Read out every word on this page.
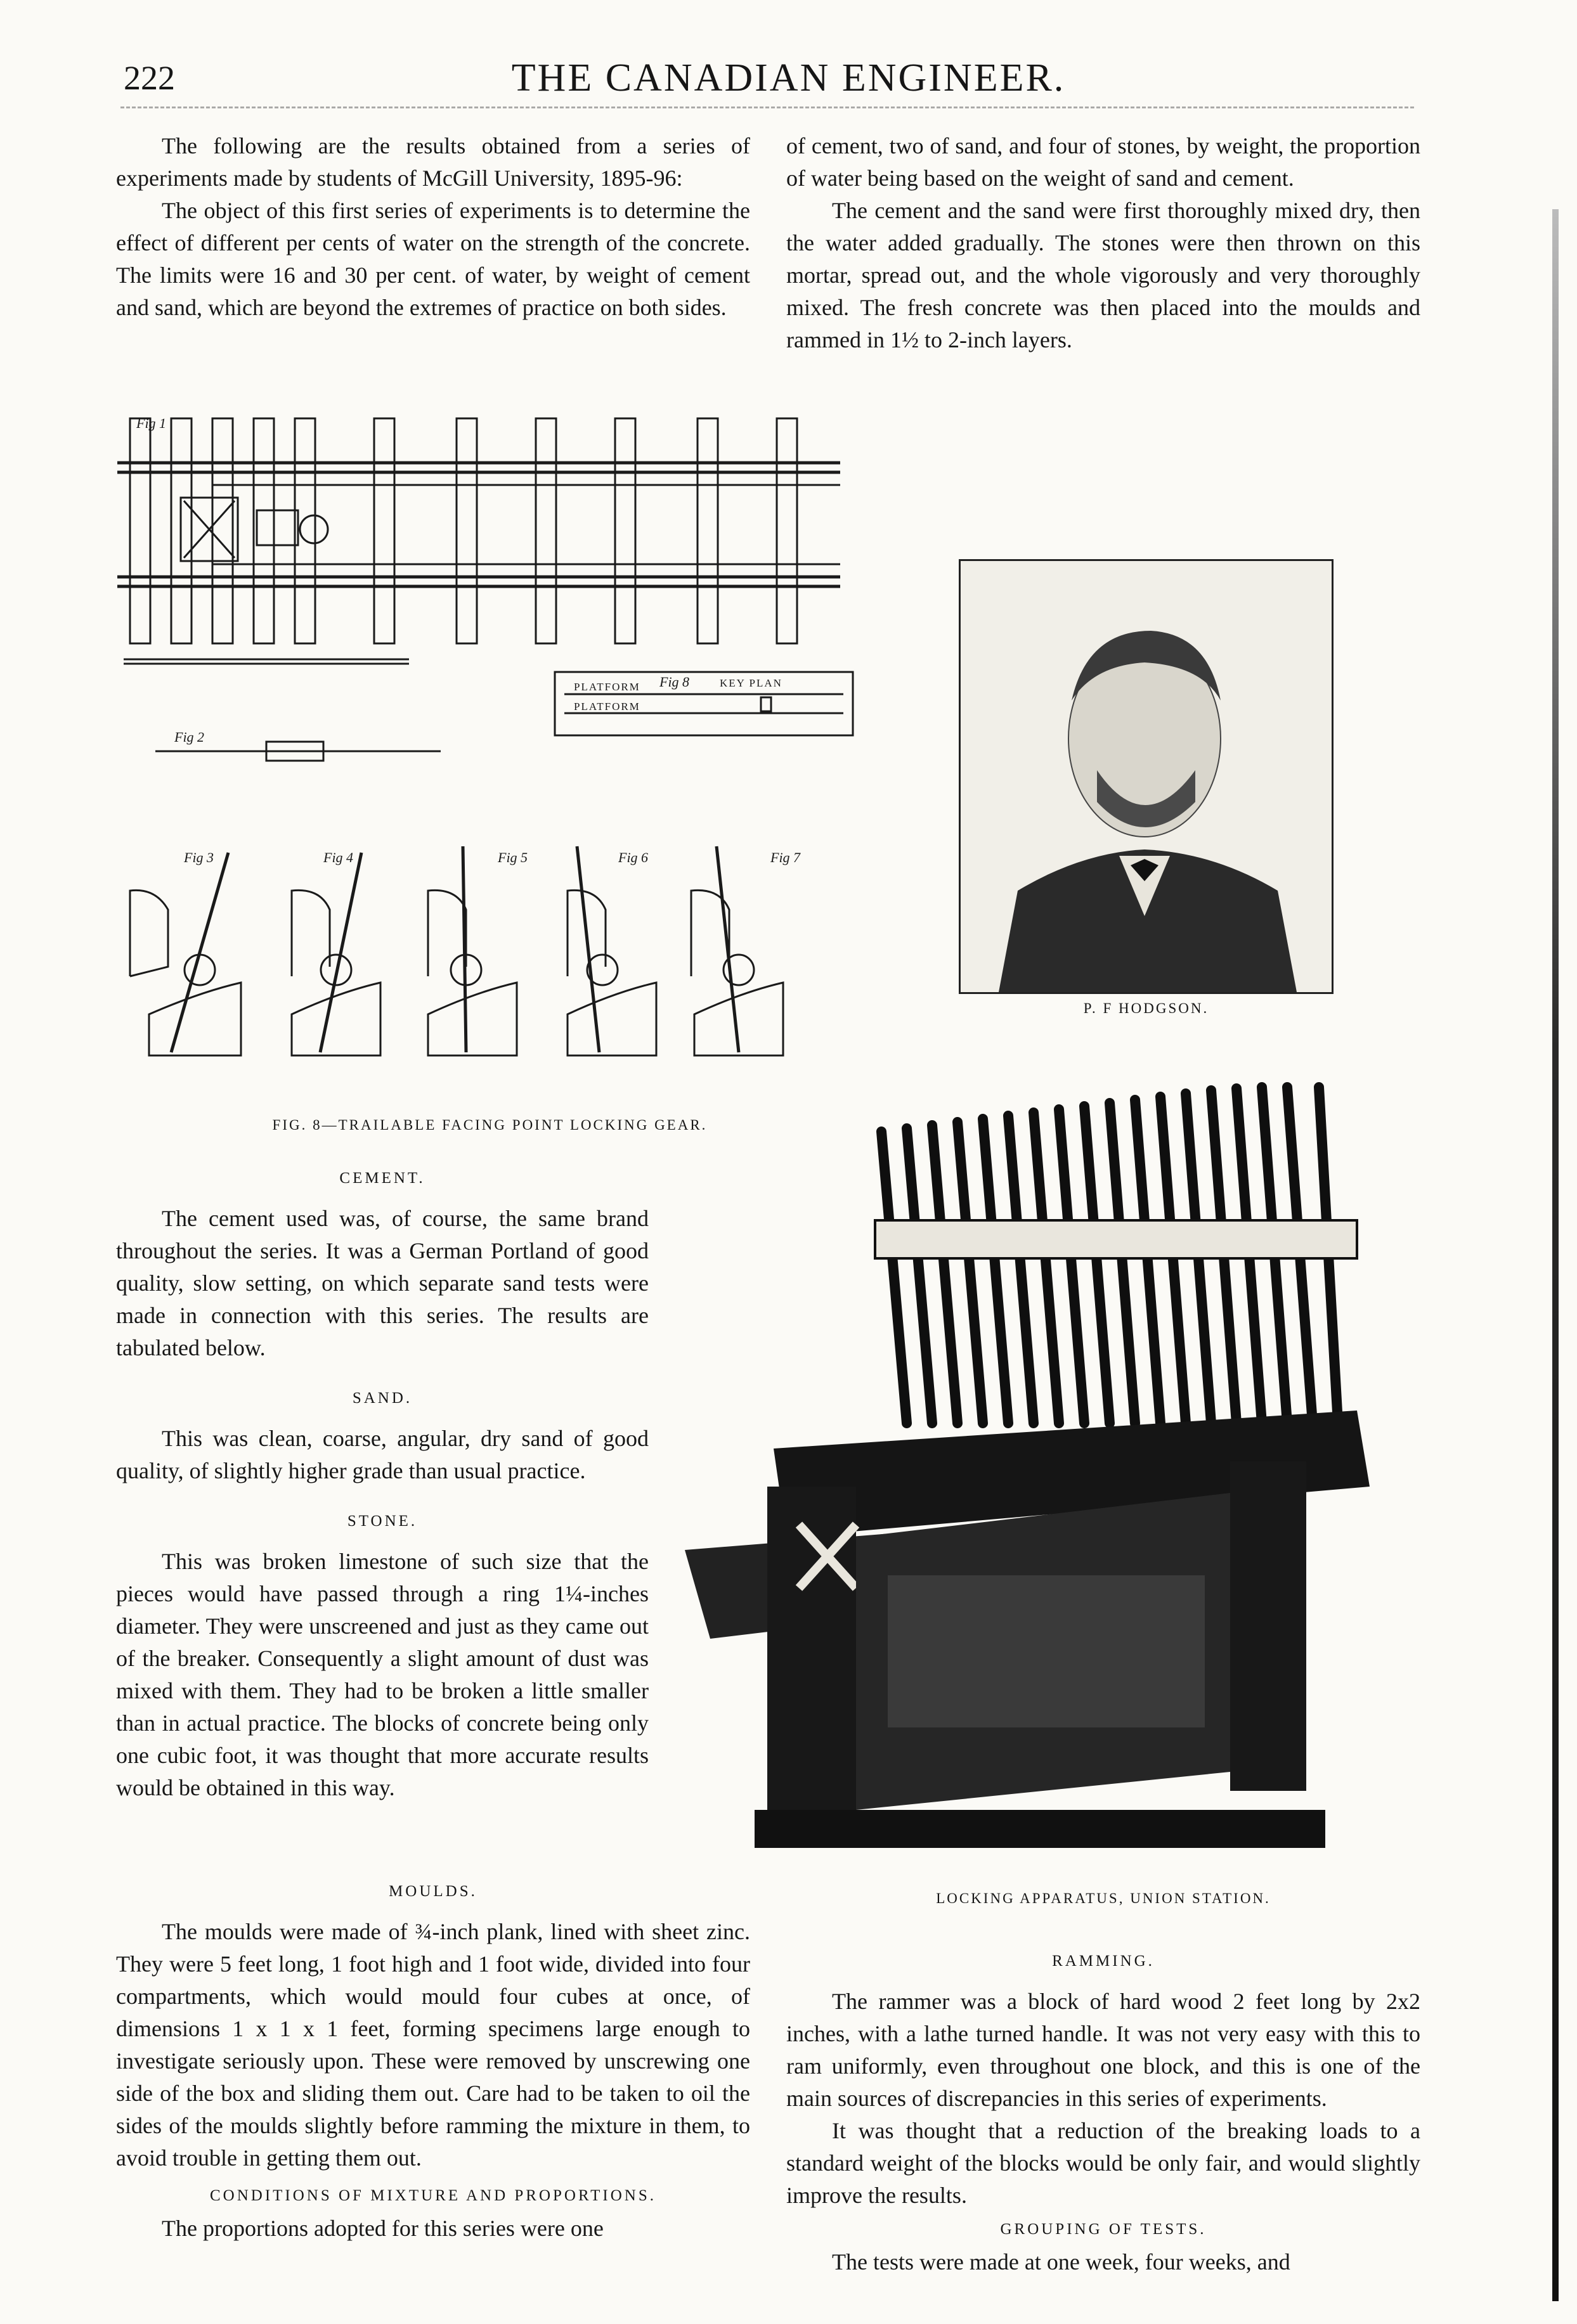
222	THE CANADIAN ENGINEER.

The following are the results obtained from a series of experiments made by students of McGill University, 1895-96:

The object of this first series of experiments is to determine the effect of different per cents of water on the strength of the concrete. The limits were 16 and 30 per cent. of water, by weight of cement and sand, which are beyond the extremes of practice on both sides.

of cement, two of sand, and four of stones, by weight, the proportion of water being based on the weight of sand and cement.

The cement and the sand were first thoroughly mixed dry, then the water added gradually. The stones were then thrown on this mortar, spread out, and the whole vigorously and very thoroughly mixed. The fresh concrete was then placed into the moulds and rammed in 1½ to 2-inch layers.

Fig 1
Fig 2
Fig 3	Fig 4	Fig 5	Fig 6	Fig 7
Fig 8	KEY PLAN
PLATFORM
PLATFORM
FIG. 8—TRAILABLE FACING POINT LOCKING GEAR.
P. F HODGSON.
CEMENT.

The cement used was, of course, the same brand throughout the series. It was a German Portland of good quality, slow setting, on which separate sand tests were made in connection with this series. The results are tabulated below.

SAND.

This was clean, coarse, angular, dry sand of good quality, of slightly higher grade than usual practice.

STONE.

This was broken limestone of such size that the pieces would have passed through a ring 1¼-inches diameter. They were unscreened and just as they came out of the breaker. Consequently a slight amount of dust was mixed with them. They had to be broken a little smaller than in actual practice. The blocks of concrete being only one cubic foot, it was thought that more accurate results would be obtained in this way.

LOCKING APPARATUS, UNION STATION.
MOULDS.

The moulds were made of ¾-inch plank, lined with sheet zinc. They were 5 feet long, 1 foot high and 1 foot wide, divided into four compartments, which would mould four cubes at once, of dimensions 1 x 1 x 1 feet, forming specimens large enough to investigate seriously upon. These were removed by unscrewing one side of the box and sliding them out. Care had to be taken to oil the sides of the moulds slightly before ramming the mixture in them, to avoid trouble in getting them out.

CONDITIONS OF MIXTURE AND PROPORTIONS.

The proportions adopted for this series were one

RAMMING.

The rammer was a block of hard wood 2 feet long by 2x2 inches, with a lathe turned handle. It was not very easy with this to ram uniformly, even throughout one block, and this is one of the main sources of discrepancies in this series of experiments.

It was thought that a reduction of the breaking loads to a standard weight of the blocks would be only fair, and would slightly improve the results.

GROUPING OF TESTS.

The tests were made at one week, four weeks, and
